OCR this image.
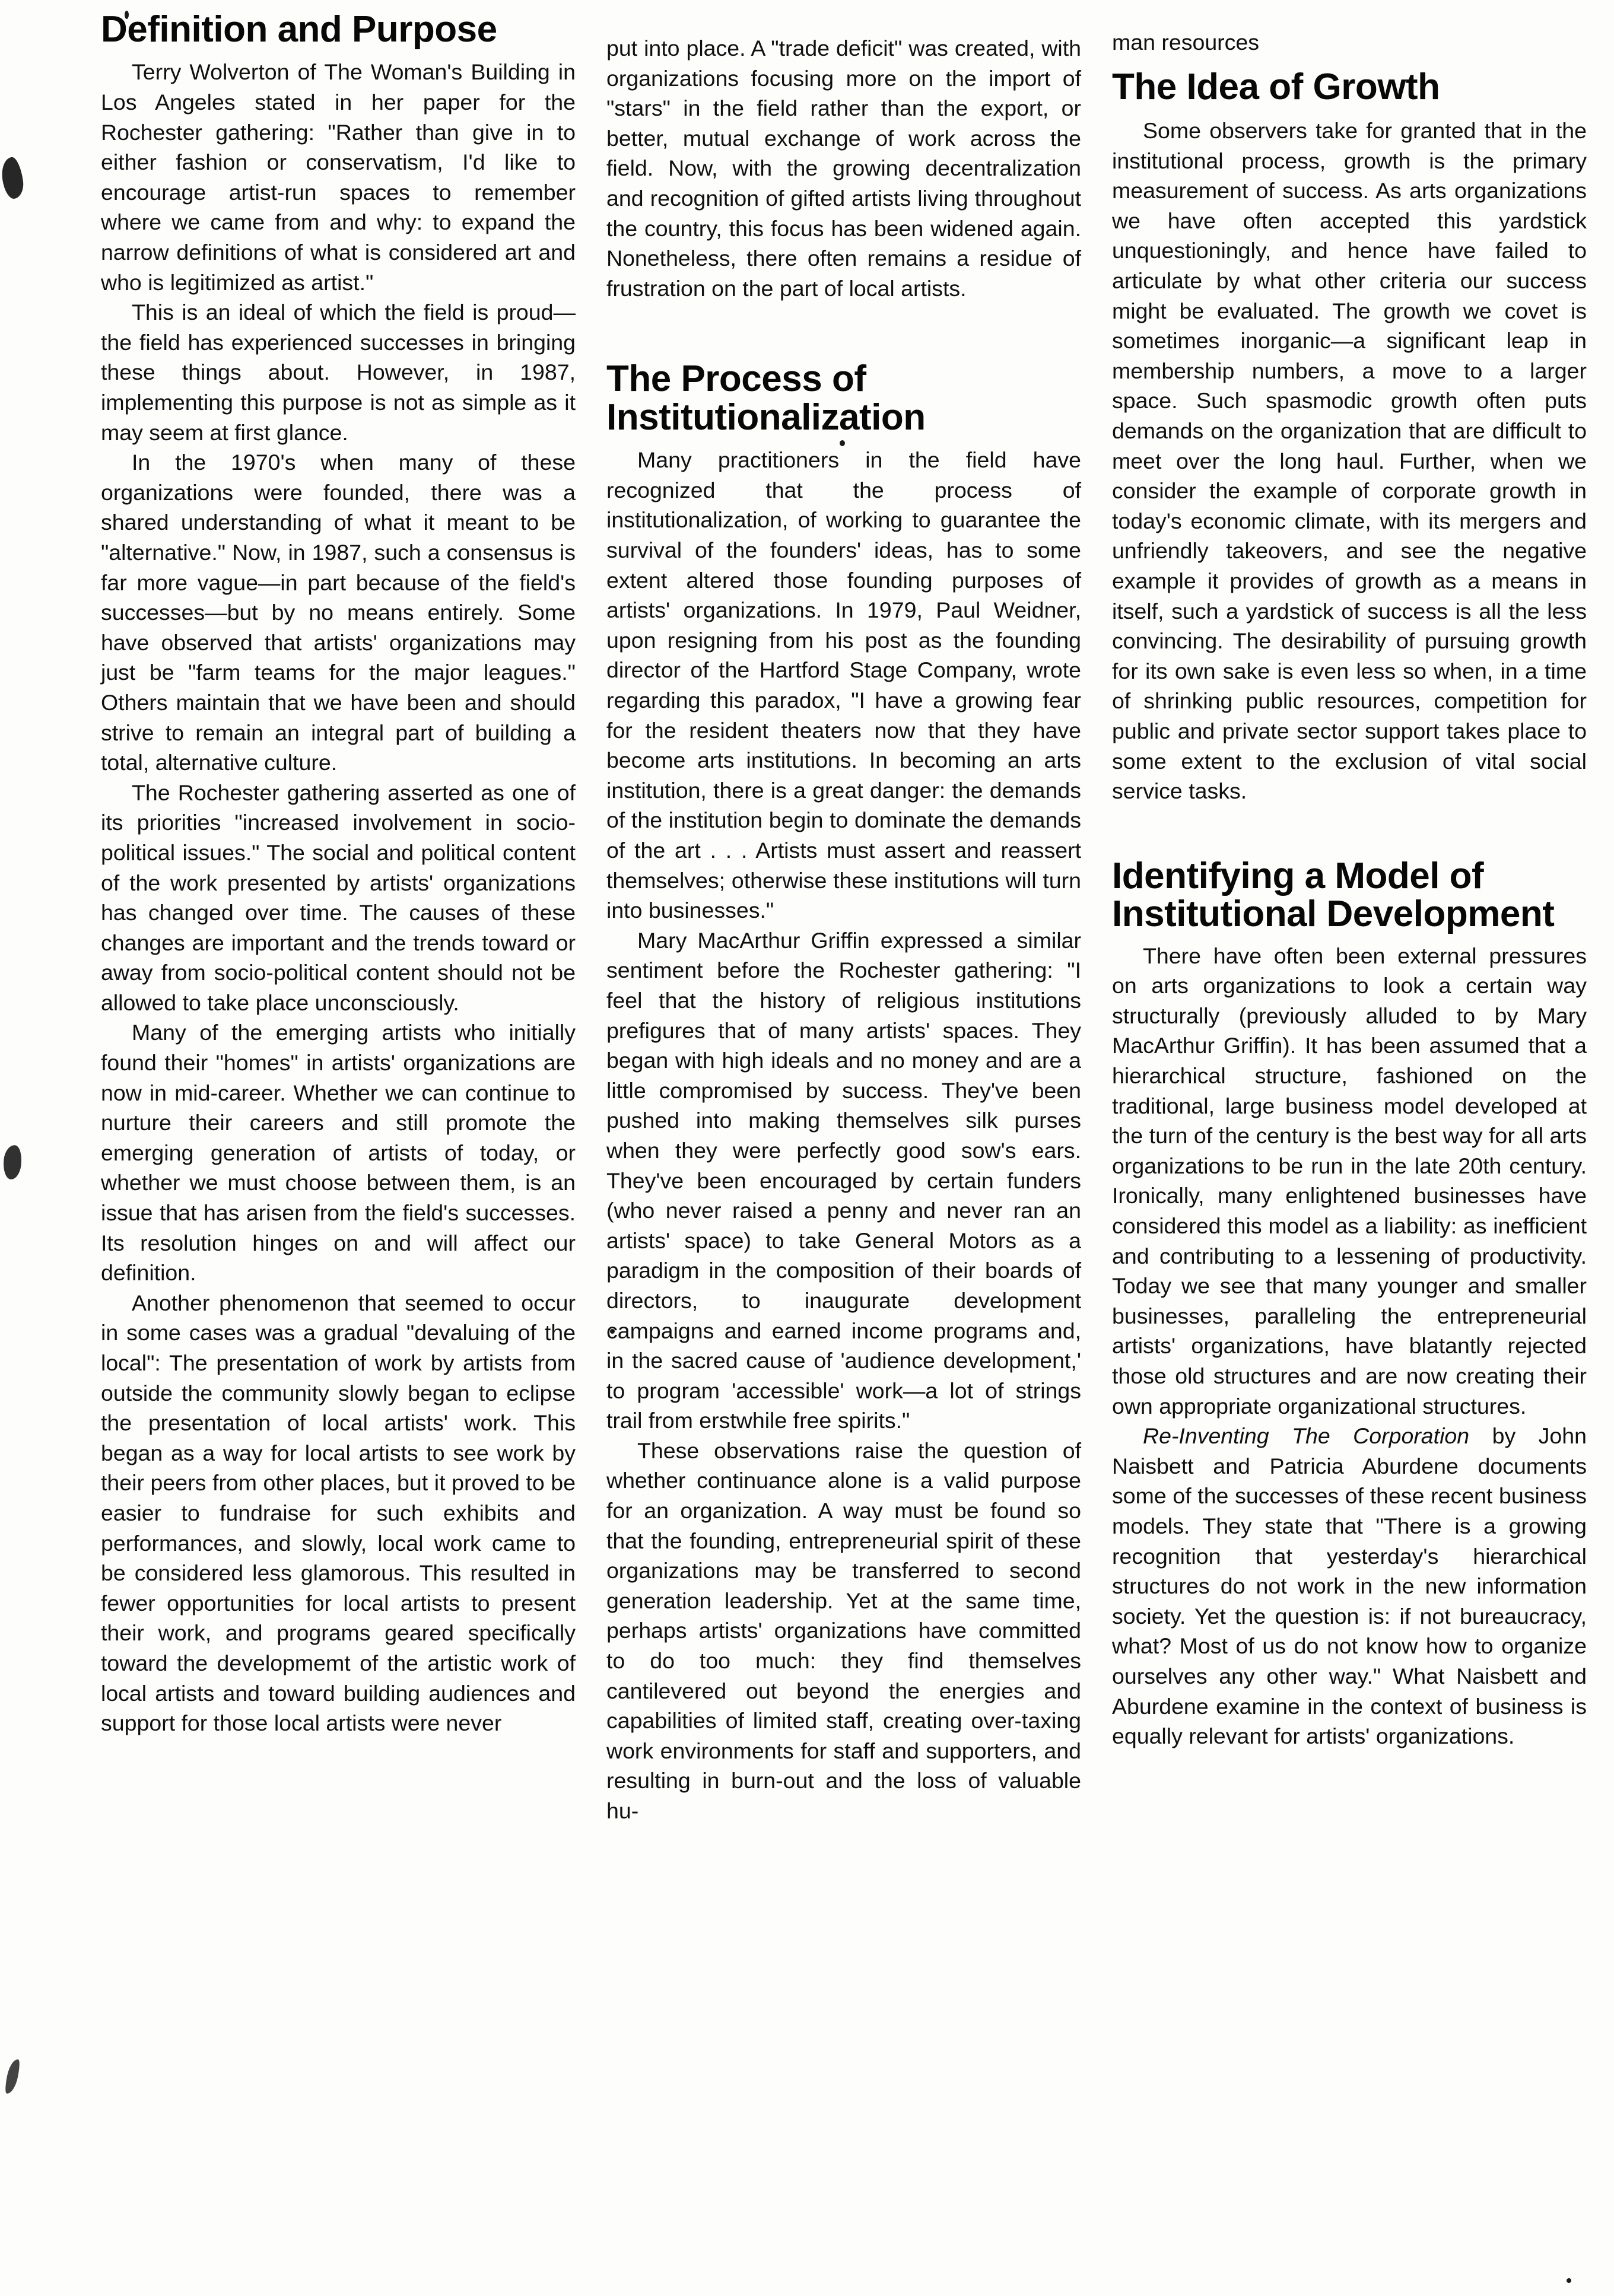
Definition and Purpose

Terry Wolverton of The Woman's Building in Los Angeles stated in her paper for the Rochester gathering: "Rather than give in to either fashion or conservatism, I'd like to encourage artist-run spaces to remember where we came from and why: to expand the narrow definitions of what is considered art and who is legitimized as artist."

This is an ideal of which the field is proud—the field has experienced successes in bringing these things about. However, in 1987, implementing this purpose is not as simple as it may seem at first glance.

In the 1970's when many of these organizations were founded, there was a shared understanding of what it meant to be "alternative." Now, in 1987, such a consensus is far more vague—in part because of the field's successes—but by no means entirely. Some have observed that artists' organizations may just be "farm teams for the major leagues." Others maintain that we have been and should strive to remain an integral part of building a total, alternative culture.

The Rochester gathering asserted as one of its priorities "increased involvement in socio-political issues." The social and political content of the work presented by artists' organizations has changed over time. The causes of these changes are important and the trends toward or away from socio-political content should not be allowed to take place unconsciously.

Many of the emerging artists who initially found their "homes" in artists' organizations are now in mid-career. Whether we can continue to nurture their careers and still promote the emerging generation of artists of today, or whether we must choose between them, is an issue that has arisen from the field's successes. Its resolution hinges on and will affect our definition.

Another phenomenon that seemed to occur in some cases was a gradual "devaluing of the local": The presentation of work by artists from outside the community slowly began to eclipse the presentation of local artists' work. This began as a way for local artists to see work by their peers from other places, but it proved to be easier to fundraise for such exhibits and performances, and slowly, local work came to be considered less glamorous. This resulted in fewer opportunities for local artists to present their work, and programs geared specifically toward the developmemt of the artistic work of local artists and toward building audiences and support for those local artists were never

put into place. A "trade deficit" was created, with organizations focusing more on the import of "stars" in the field rather than the export, or better, mutual exchange of work across the field. Now, with the growing decentralization and recognition of gifted artists living throughout the country, this focus has been widened again. Nonetheless, there often remains a residue of frustration on the part of local artists.

The Process of Institutionalization

Many practitioners in the field have recognized that the process of institutionalization, of working to guarantee the survival of the founders' ideas, has to some extent altered those founding purposes of artists' organizations. In 1979, Paul Weidner, upon resigning from his post as the founding director of the Hartford Stage Company, wrote regarding this paradox, "I have a growing fear for the resident theaters now that they have become arts institutions. In becoming an arts institution, there is a great danger: the demands of the institution begin to dominate the demands of the art . . . Artists must assert and reassert themselves; otherwise these institutions will turn into businesses."

Mary MacArthur Griffin expressed a similar sentiment before the Rochester gathering: "I feel that the history of religious institutions prefigures that of many artists' spaces. They began with high ideals and no money and are a little compromised by success. They've been pushed into making themselves silk purses when they were perfectly good sow's ears. They've been encouraged by certain funders (who never raised a penny and never ran an artists' space) to take General Motors as a paradigm in the composition of their boards of directors, to inaugurate development campaigns and earned income programs and, in the sacred cause of 'audience development,' to program 'accessible' work—a lot of strings trail from erstwhile free spirits."

These observations raise the question of whether continuance alone is a valid purpose for an organization. A way must be found so that the founding, entrepreneurial spirit of these organizations may be transferred to second generation leadership. Yet at the same time, perhaps artists' organizations have committed to do too much: they find themselves cantilevered out beyond the energies and capabilities of limited staff, creating over-taxing work environments for staff and supporters, and resulting in burn-out and the loss of valuable hu-

man resources

The Idea of Growth

Some observers take for granted that in the institutional process, growth is the primary measurement of success. As arts organizations we have often accepted this yardstick unquestioningly, and hence have failed to articulate by what other criteria our success might be evaluated. The growth we covet is sometimes inorganic—a significant leap in membership numbers, a move to a larger space. Such spasmodic growth often puts demands on the organization that are difficult to meet over the long haul. Further, when we consider the example of corporate growth in today's economic climate, with its mergers and unfriendly takeovers, and see the negative example it provides of growth as a means in itself, such a yardstick of success is all the less convincing. The desirability of pursuing growth for its own sake is even less so when, in a time of shrinking public resources, competition for public and private sector support takes place to some extent to the exclusion of vital social service tasks.

Identifying a Model of Institutional Development

There have often been external pressures on arts organizations to look a certain way structurally (previously alluded to by Mary MacArthur Griffin). It has been assumed that a hierarchical structure, fashioned on the traditional, large business model developed at the turn of the century is the best way for all arts organizations to be run in the late 20th century. Ironically, many enlightened businesses have considered this model as a liability: as inefficient and contributing to a lessening of productivity. Today we see that many younger and smaller businesses, paralleling the entrepreneurial artists' organizations, have blatantly rejected those old structures and are now creating their own appropriate organizational structures.

Re-Inventing The Corporation by John Naisbett and Patricia Aburdene documents some of the successes of these recent business models. They state that "There is a growing recognition that yesterday's hierarchical structures do not work in the new information society. Yet the question is: if not bureaucracy, what? Most of us do not know how to organize ourselves any other way." What Naisbett and Aburdene examine in the context of business is equally relevant for artists' organizations.
